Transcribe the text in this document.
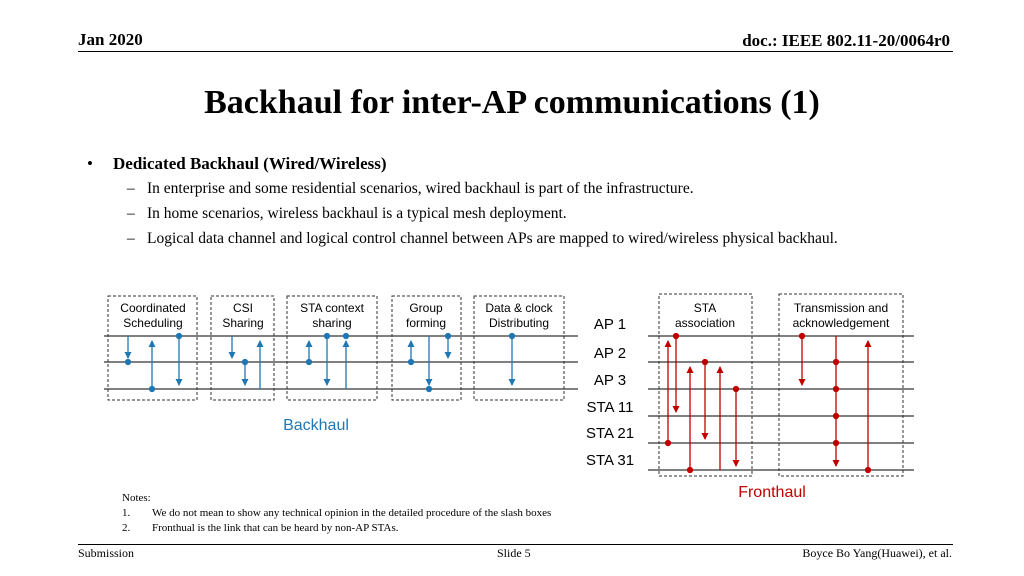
Jan 2020	doc.: IEEE 802.11-20/0064r0
Backhaul for inter-AP communications (1)
• Dedicated Backhaul (Wired/Wireless)
– In enterprise and some residential scenarios, wired backhaul is part of the infrastructure.
– In home scenarios, wireless backhaul is a typical mesh deployment.
– Logical data channel and logical control channel between APs are mapped to wired/wireless physical backhaul.
Coordinated
Scheduling
CSI
Sharing
STA context
sharing
Group
forming
Data & clock
Distributing
STA
association
Transmission and
acknowledgement
AP 1
AP 2
AP 3
STA 11
STA 21
STA 31
Backhaul
Fronthaul
Notes:
1. We do not mean to show any technical opinion in the detailed procedure of the slash boxes
2. Fronthual is the link that can be heard by non-AP STAs.
Submission	Slide 5	Boyce Bo Yang(Huawei), et al.
